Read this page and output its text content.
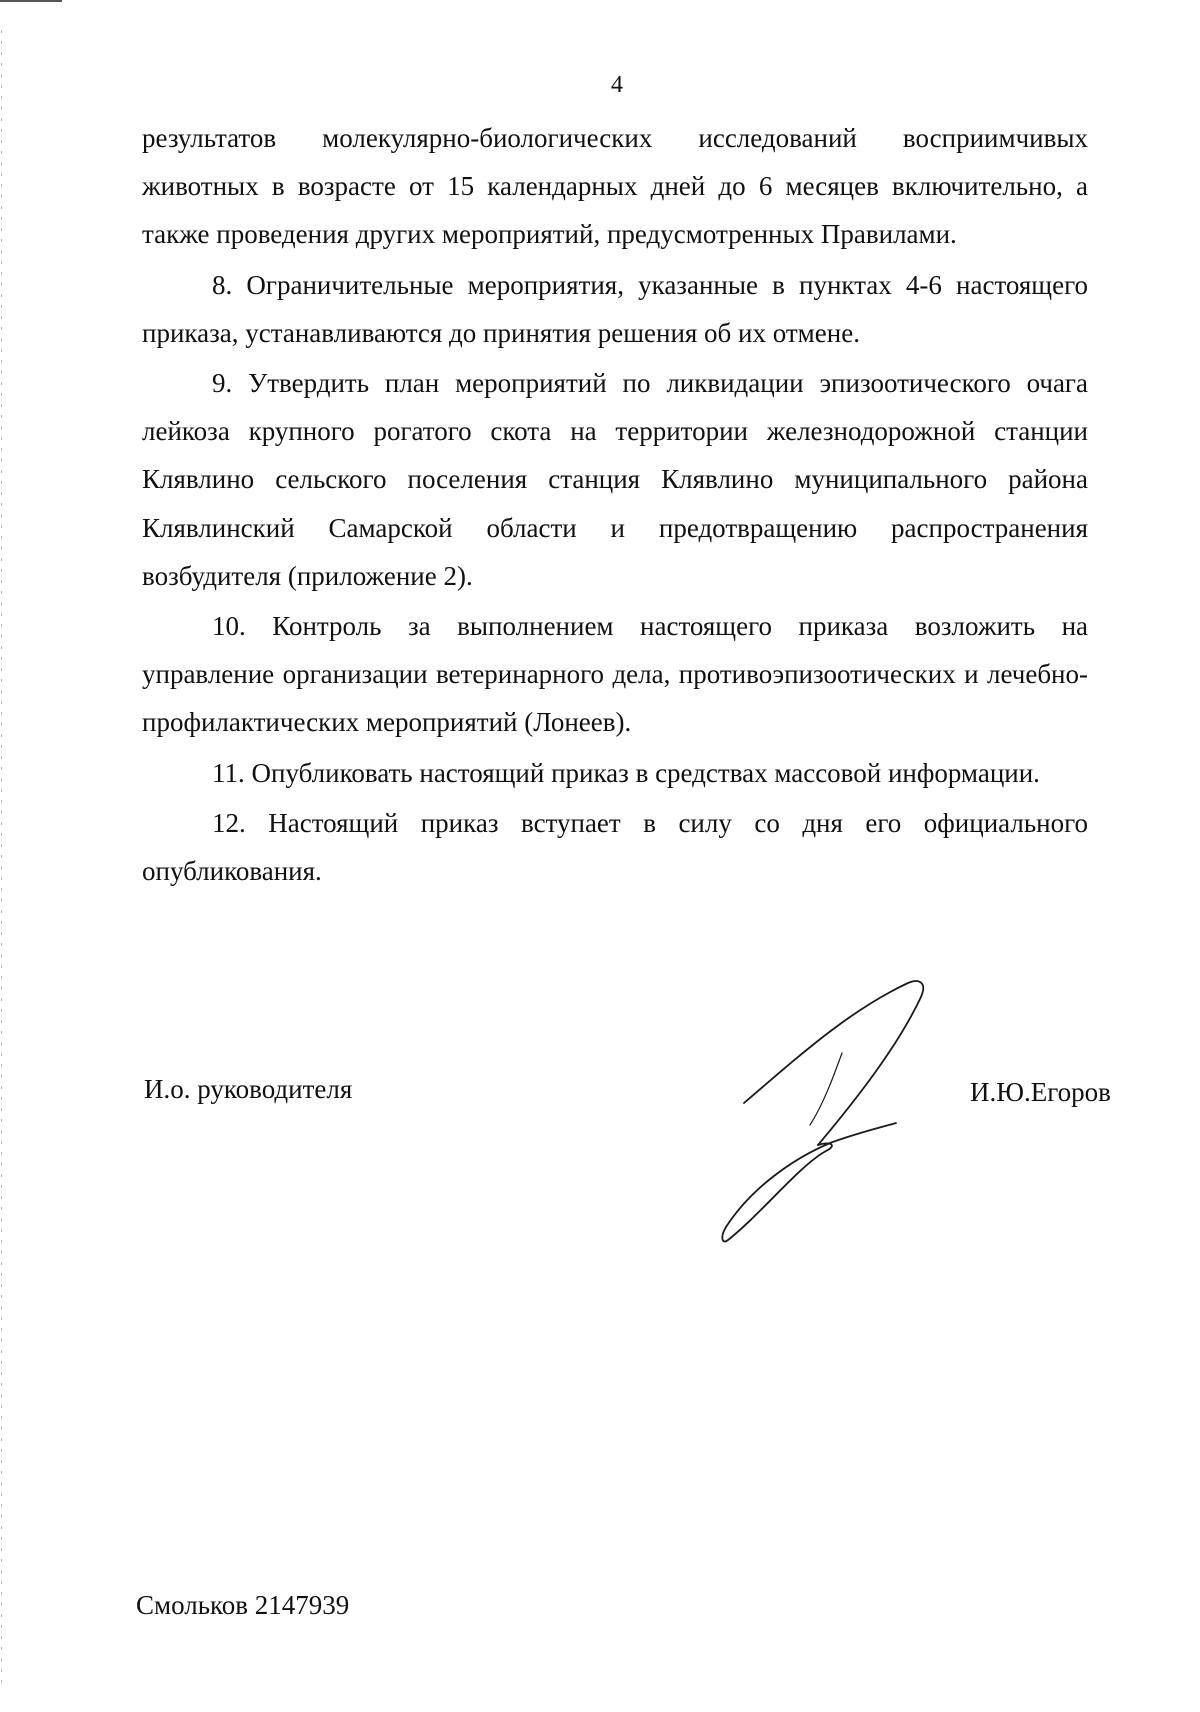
4

результатов молекулярно-биологических исследований восприимчивых животных в возрасте от 15 календарных дней до 6 месяцев включительно, а также проведения других мероприятий, предусмотренных Правилами.

8. Ограничительные мероприятия, указанные в пунктах 4-6 настоящего приказа, устанавливаются до принятия решения об их отмене.

9. Утвердить план мероприятий по ликвидации эпизоотического очага лейкоза крупного рогатого скота на территории железнодорожной станции Клявлино сельского поселения станция Клявлино муниципального района Клявлинский Самарской области и предотвращению распространения возбудителя (приложение 2).

10. Контроль за выполнением настоящего приказа возложить на управление организации ветеринарного дела, противоэпизоотических и лечебно-профилактических мероприятий (Лонеев).

11. Опубликовать настоящий приказ в средствах массовой информации.

12. Настоящий приказ вступает в силу со дня его официального опубликования.

И.о. руководителя	И.Ю.Егоров
Смольков 2147939
